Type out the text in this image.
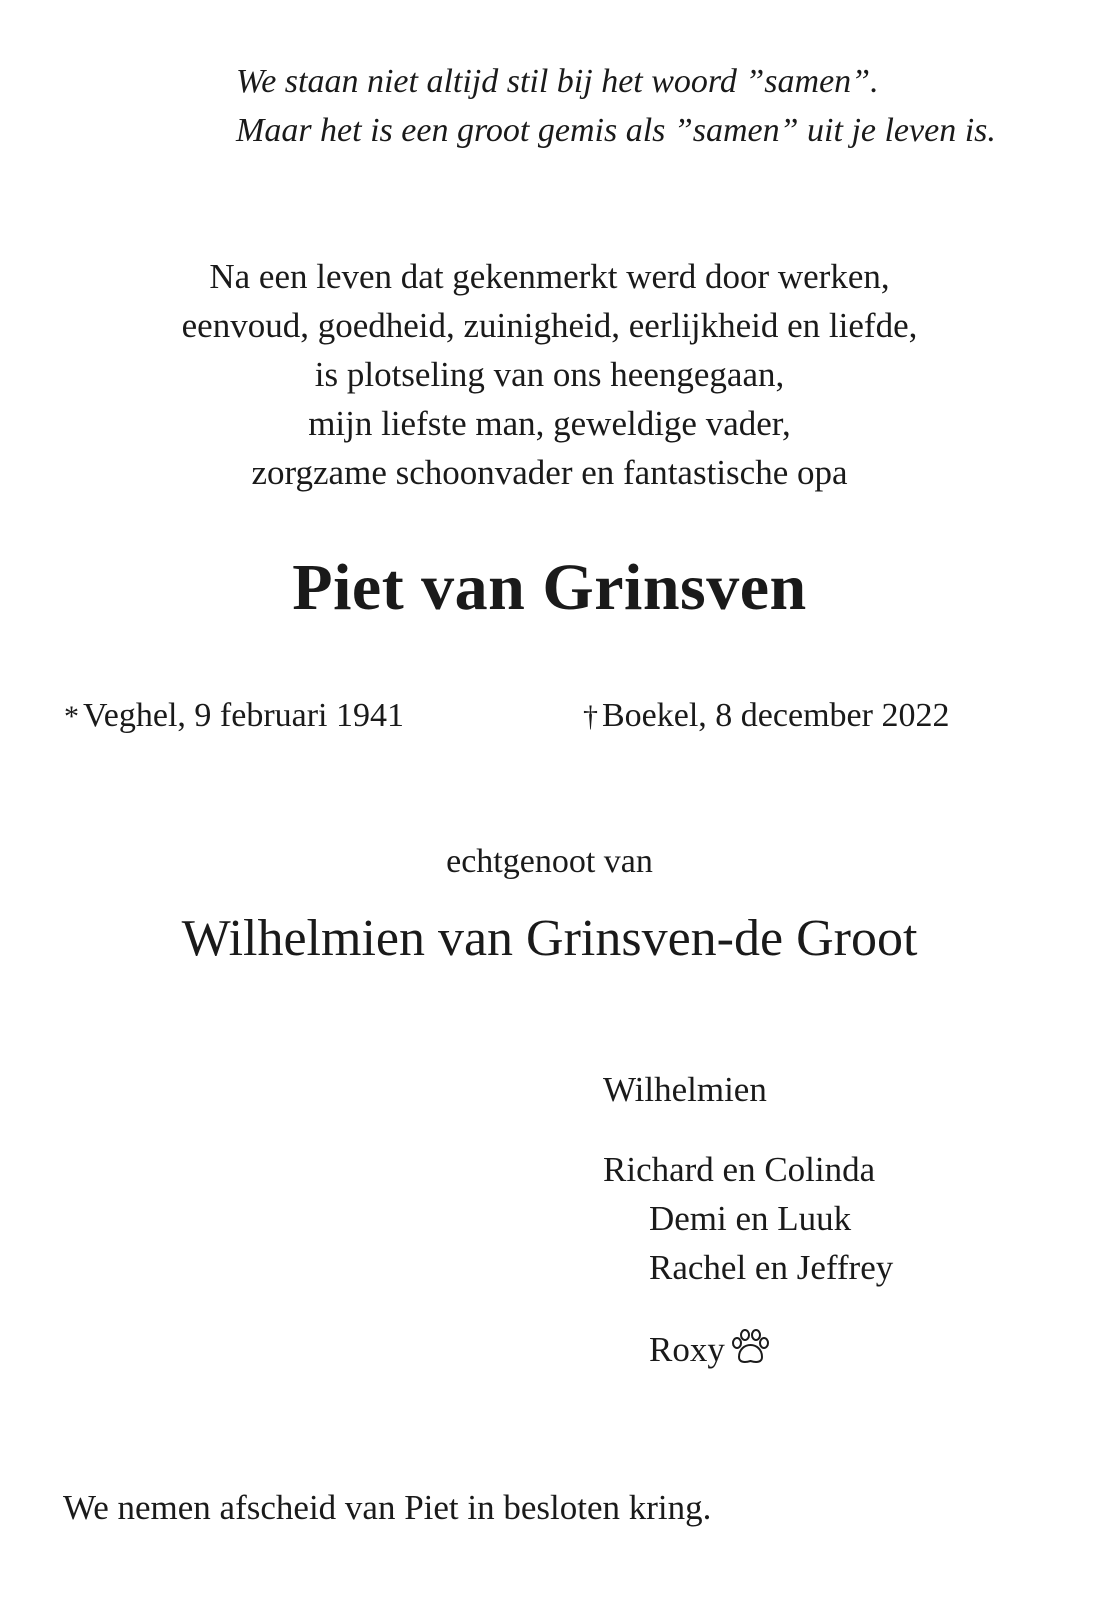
We staan niet altijd stil bij het woord ”samen”.
Maar het is een groot gemis als ”samen” uit je leven is.
Na een leven dat gekenmerkt werd door werken,
eenvoud, goedheid, zuinigheid, eerlijkheid en liefde,
is plotseling van ons heengegaan,
mijn liefste man, geweldige vader,
zorgzame schoonvader en fantastische opa
Piet van Grinsven
* Veghel, 9 februari 1941	† Boekel, 8 december 2022
echtgenoot van
Wilhelmien van Grinsven-de Groot
Wilhelmien
Richard en Colinda
Demi en Luuk
Rachel en Jeffrey
Roxy
We nemen afscheid van Piet in besloten kring.
